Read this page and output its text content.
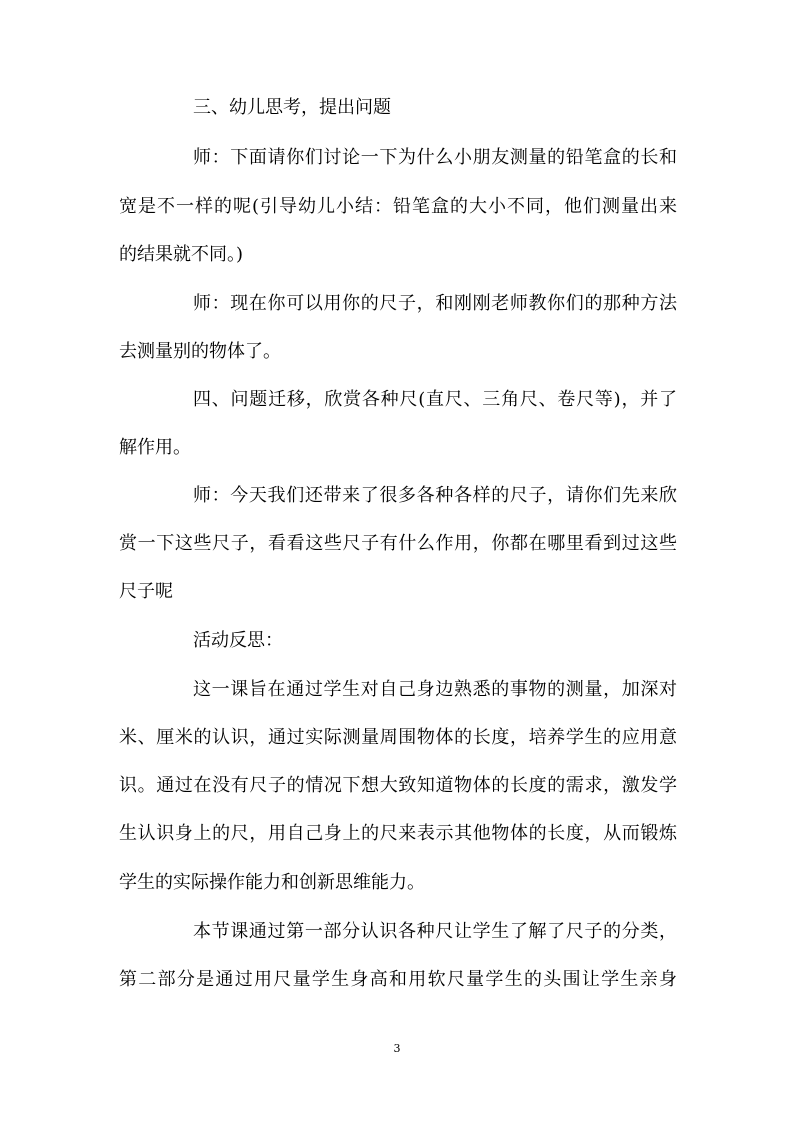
三、幼儿思考，提出问题
师：下面请你们讨论一下为什么小朋友测量的铅笔盒的长和
宽是不一样的呢(引导幼儿小结：铅笔盒的大小不同，他们测量出来
的结果就不同。)
师：现在你可以用你的尺子，和刚刚老师教你们的那种方法
去测量别的物体了。
四、问题迁移，欣赏各种尺(直尺、三角尺、卷尺等)，并了
解作用。
师：今天我们还带来了很多各种各样的尺子，请你们先来欣
赏一下这些尺子，看看这些尺子有什么作用，你都在哪里看到过这些
尺子呢
活动反思：
这一课旨在通过学生对自己身边熟悉的事物的测量，加深对
米、厘米的认识，通过实际测量周围物体的长度，培养学生的应用意
识。通过在没有尺子的情况下想大致知道物体的长度的需求，激发学
生认识身上的尺，用自己身上的尺来表示其他物体的长度，从而锻炼
学生的实际操作能力和创新思维能力。
本节课通过第一部分认识各种尺让学生了解了尺子的分类，
第二部分是通过用尺量学生身高和用软尺量学生的头围让学生亲身
3
